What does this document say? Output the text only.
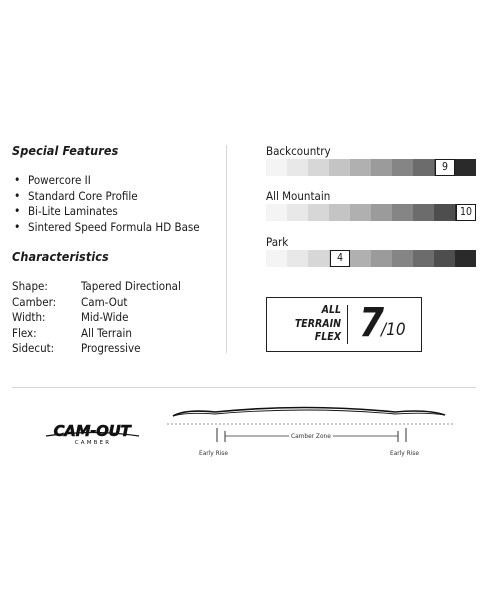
Special Features
• Powercore II
• Standard Core Profile
• Bi-Lite Laminates
• Sintered Speed Formula HD Base
Characteristics
Shape:	Tapered Directional
Camber: Cam-Out
Width:	Mid-Wide
Flex:	All Terrain
Sidecut: Progressive
Backcountry
9
All Mountain
10
Park
4
ALL
TERRAIN
FLEX 7
/10
CAM-OUT
CAMBER
Camber Zone
Early Rise	Early Rise
